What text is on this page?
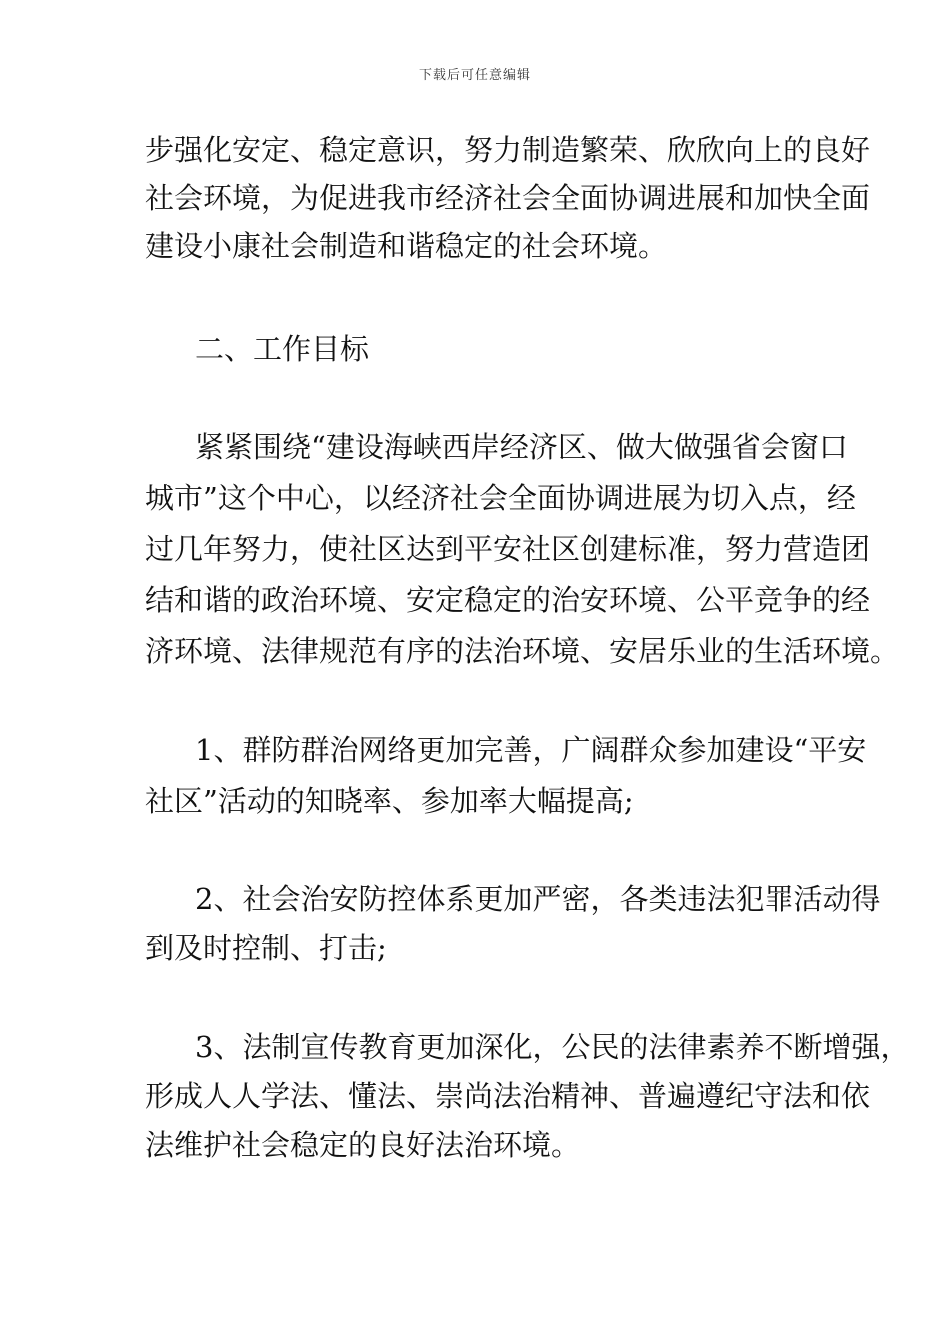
下载后可任意编辑
步强化安定、稳定意识，努力制造繁荣、欣欣向上的良好
社会环境，为促进我市经济社会全面协调进展和加快全面
建设小康社会制造和谐稳定的社会环境。
二、工作目标
紧紧围绕“建设海峡西岸经济区、做大做强省会窗口
城市”这个中心，以经济社会全面协调进展为切入点，经
过几年努力，使社区达到平安社区创建标准，努力营造团
结和谐的政治环境、安定稳定的治安环境、公平竞争的经
济环境、法律规范有序的法治环境、安居乐业的生活环境。
1、群防群治网络更加完善，广阔群众参加建设“平安
社区”活动的知晓率、参加率大幅提高;
2、社会治安防控体系更加严密，各类违法犯罪活动得
到及时控制、打击;
3、法制宣传教育更加深化，公民的法律素养不断增强，
形成人人学法、懂法、崇尚法治精神、普遍遵纪守法和依
法维护社会稳定的良好法治环境。
